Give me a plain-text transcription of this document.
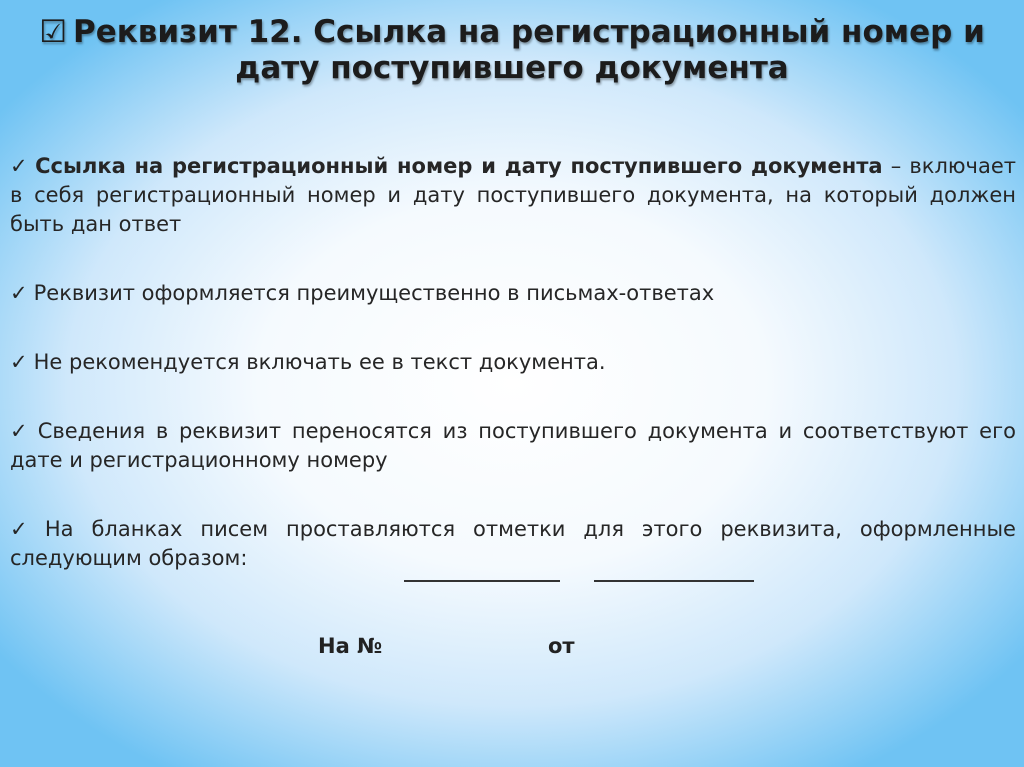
☑ Реквизит 12. Ссылка на регистрационный номер и
дату поступившего документа

✓ Ссылка на регистрационный номер и дату поступившего документа – включает в себя регистрационный номер и дату поступившего документа, на который должен быть дан ответ

✓ Реквизит оформляется преимущественно в письмах-ответах

✓ Не рекомендуется включать ее в текст документа.

✓ Сведения в реквизит переносятся из поступившего документа и соответствуют его дате и регистрационному номеру

✓ На бланках писем проставляются отметки для этого реквизита, оформленные следующим образом:

На №	от
